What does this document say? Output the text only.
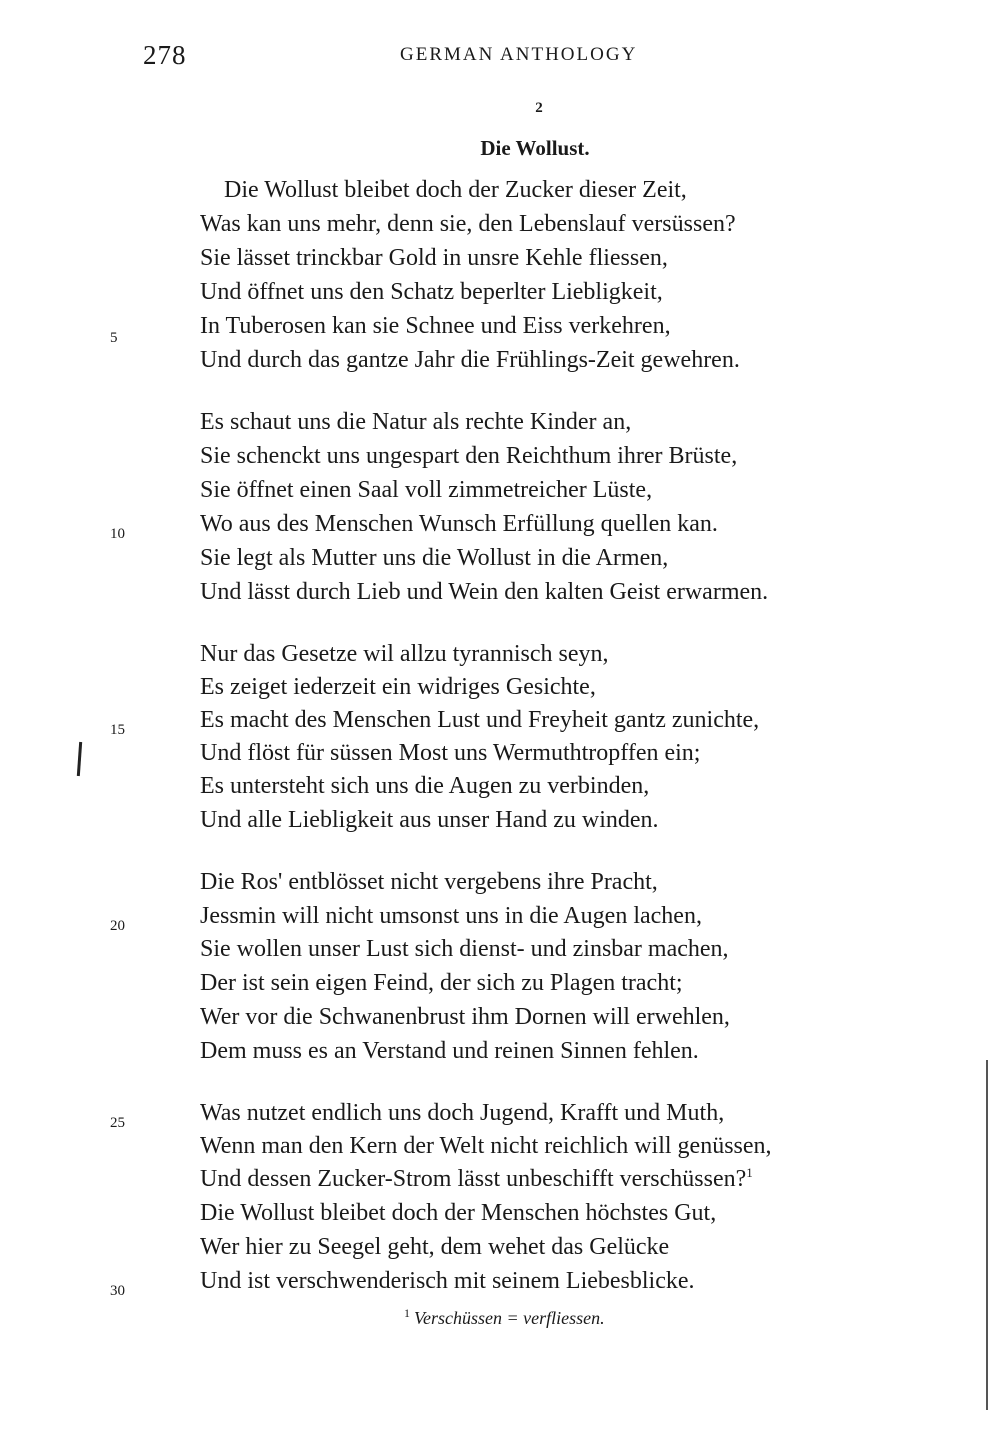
278	GERMAN ANTHOLOGY
2
Die Wollust.
Die Wollust bleibet doch der Zucker dieser Zeit,
Was kan uns mehr, denn sie, den Lebenslauf versüssen?
Sie lässet trinckbar Gold in unsre Kehle fliessen,
Und öffnet uns den Schatz beperlter Liebligkeit,
In Tuberosen kan sie Schnee und Eiss verkehren,
Und durch das gantze Jahr die Frühlings-Zeit gewehren.
Es schaut uns die Natur als rechte Kinder an,
Sie schenckt uns ungespart den Reichthum ihrer Brüste,
Sie öffnet einen Saal voll zimmetreicher Lüste,
Wo aus des Menschen Wunsch Erfüllung quellen kan.
Sie legt als Mutter uns die Wollust in die Armen,
Und lässt durch Lieb und Wein den kalten Geist erwarmen.
Nur das Gesetze wil allzu tyrannisch seyn,
Es zeiget iederzeit ein widriges Gesichte,
Es macht des Menschen Lust und Freyheit gantz zunichte,
Und flöst für süssen Most uns Wermuthtropffen ein;
Es untersteht sich uns die Augen zu verbinden,
Und alle Liebligkeit aus unser Hand zu winden.
Die Ros' entblösset nicht vergebens ihre Pracht,
Jessmin will nicht umsonst uns in die Augen lachen,
Sie wollen unser Lust sich dienst- und zinsbar machen,
Der ist sein eigen Feind, der sich zu Plagen tracht;
Wer vor die Schwanenbrust ihm Dornen will erwehlen,
Dem muss es an Verstand und reinen Sinnen fehlen.
Was nutzet endlich uns doch Jugend, Krafft und Muth,
Wenn man den Kern der Welt nicht reichlich will genüssen,
Und dessen Zucker-Strom lässt unbeschifft verschüssen?$^1$
Die Wollust bleibet doch der Menschen höchstes Gut,
Wer hier zu Seegel geht, dem wehet das Gelücke
Und ist verschwenderisch mit seinem Liebesblicke.
5
10
15
20
25
30
$^1$ Verschüssen = verfliessen.
